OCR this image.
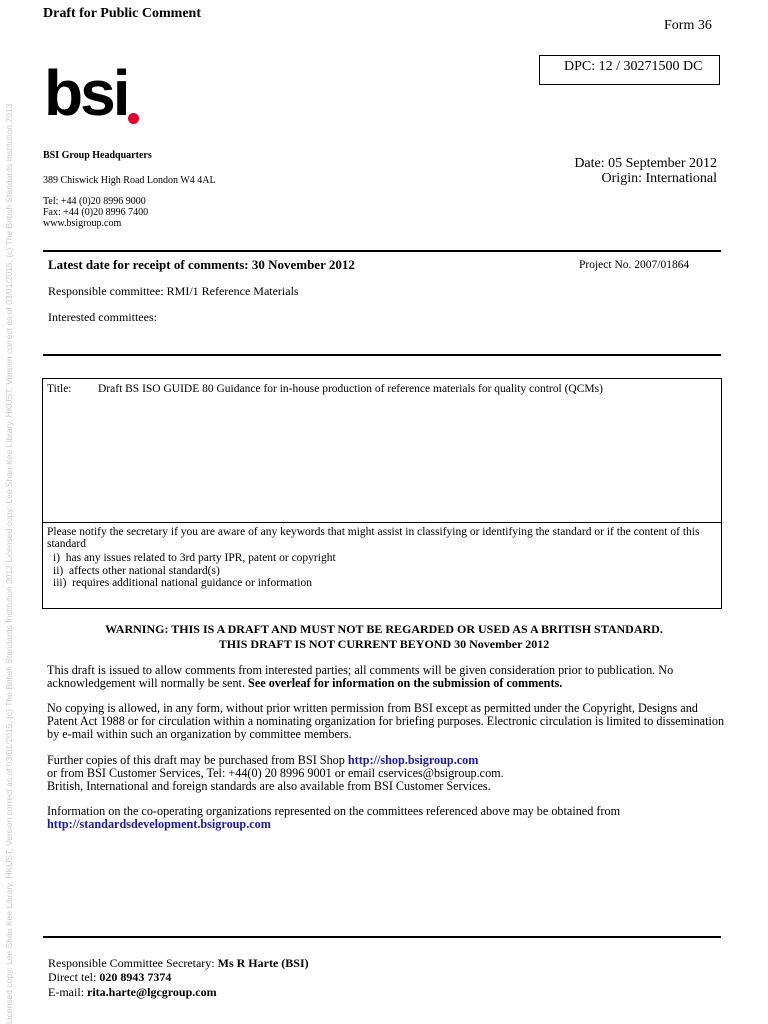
Licensed copy: Lee Shau Kee Library, HKUST, Version correct as of 03/01/2015, (c) The British Standards Institution 2012 Licensed copy: Lee Shau Kee Library, HKUST, Version correct as of 03/01/2015, (c) The British Standards Institution 2013
Draft for Public Comment
Form 36
DPC: 12 / 30271500 DC
bsi
BSI Group Headquarters
389 Chiswick High Road London W4 4AL
Tel: +44 (0)20 8996 9000
Fax: +44 (0)20 8996 7400
www.bsigroup.com
Date: 05 September 2012
Origin: International
Latest date for receipt of comments: 30 November 2012	Project No. 2007/01864
Responsible committee: RMI/1 Reference Materials
Interested committees:
Title: Draft BS ISO GUIDE 80 Guidance for in-house production of reference materials for quality control (QCMs)
Please notify the secretary if you are aware of any keywords that might assist in classifying or identifying the standard or if the content of this standard
i)  has any issues related to 3rd party IPR, patent or copyright
ii)  affects other national standard(s)
iii)  requires additional national guidance or information
WARNING: THIS IS A DRAFT AND MUST NOT BE REGARDED OR USED AS A BRITISH STANDARD.
THIS DRAFT IS NOT CURRENT BEYOND 30 November 2012

This draft is issued to allow comments from interested parties; all comments will be given consideration prior to publication. No acknowledgement will normally be sent. See overleaf for information on the submission of comments.

No copying is allowed, in any form, without prior written permission from BSI except as permitted under the Copyright, Designs and Patent Act 1988 or for circulation within a nominating organization for briefing purposes. Electronic circulation is limited to dissemination by e-mail within such an organization by committee members.

Further copies of this draft may be purchased from BSI Shop http://shop.bsigroup.com
or from BSI Customer Services, Tel: +44(0) 20 8996 9001 or email cservices@bsigroup.com.
British, International and foreign standards are also available from BSI Customer Services.

Information on the co-operating organizations represented on the committees referenced above may be obtained from
http://standardsdevelopment.bsigroup.com

Responsible Committee Secretary: Ms R Harte (BSI)
Direct tel: 020 8943 7374
E-mail: rita.harte@lgcgroup.com
